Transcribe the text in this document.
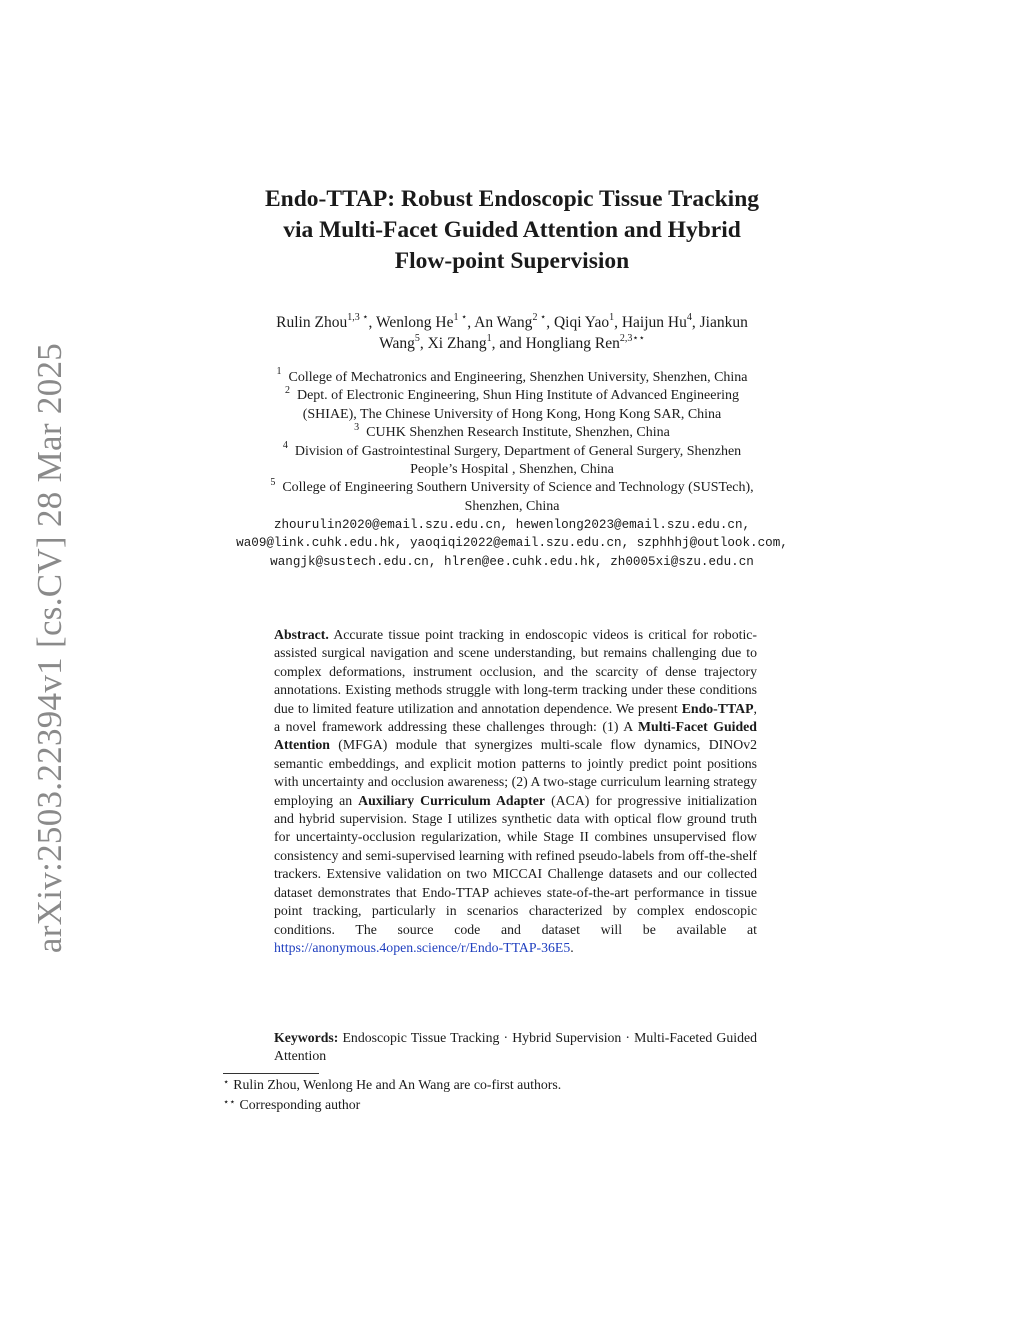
arXiv:2503.22394v1 [cs.CV] 28 Mar 2025
Endo-TTAP: Robust Endoscopic Tissue Tracking
via Multi-Facet Guided Attention and Hybrid
Flow-point Supervision
Rulin Zhou$^{1,3 ⋆}$, Wenlong $He^{1 ⋆}$, An Wang$^{2 ⋆}$, Qiqi Yao$^1$, Haijun Hu$^4$, Jiankun
Wang$^5$, Xi Zhang$^1$, and Hongliang Ren$^{2,3⋆⋆}$
$^1$ College of Mechatronics and Engineering, Shenzhen University, Shenzhen, China
$^2$ Dept. of Electronic Engineering, Shun Hing Institute of Advanced Engineering
(SHIAE), The Chinese University of Hong Kong, Hong Kong SAR, China
$^3$ CUHK Shenzhen Research Institute, Shenzhen, China
$^4$ Division of Gastrointestinal Surgery, Department of General Surgery, Shenzhen
People’s Hospital , Shenzhen, China
$^5$ College of Engineering Southern University of Science and Technology (SUSTech),
Shenzhen, China
zhourulin2020@email.szu.edu.cn, hewenlong2023@email.szu.edu.cn,
wa09@link.cuhk.edu.hk, yaoqiqi2022@email.szu.edu.cn, szphhhj@outlook.com,
wangjk@sustech.edu.cn, hlren@ee.cuhk.edu.hk, zh0005xi@szu.edu.cn

Abstract. Accurate tissue point tracking in endoscopic videos is critical for robotic-assisted surgical navigation and scene understanding, but remains challenging due to complex deformations, instrument occlusion, and the scarcity of dense trajectory annotations. Existing methods struggle with long-term tracking under these conditions due to limited feature utilization and annotation dependence. We present Endo-TTAP, a novel framework addressing these challenges through: (1) A Multi-Facet Guided Attention (MFGA) module that synergizes multi-scale flow dynamics, DINOv2 semantic embeddings, and explicit motion patterns to jointly predict point positions with uncertainty and occlusion awareness; (2) A two-stage curriculum learning strategy employing an Auxiliary Curriculum Adapter (ACA) for progressive initialization and hybrid supervision. Stage I utilizes synthetic data with optical flow ground truth for uncertainty-occlusion regularization, while Stage II combines unsupervised flow consistency and semi-supervised learning with refined pseudo-labels from off-the-shelf trackers. Extensive validation on two MICCAI Challenge datasets and our collected dataset demonstrates that Endo-TTAP achieves state-of-the-art performance in tissue point tracking, particularly in scenarios characterized by complex endoscopic conditions. The source code and dataset will be available at https://anonymous.4open.science/r/Endo-TTAP-36E5.

Keywords: Endoscopic Tissue Tracking · Hybrid Supervision · Multi-Faceted Guided Attention
⋆ Rulin Zhou, Wenlong He and An Wang are co-first authors.
⋆⋆ Corresponding author
